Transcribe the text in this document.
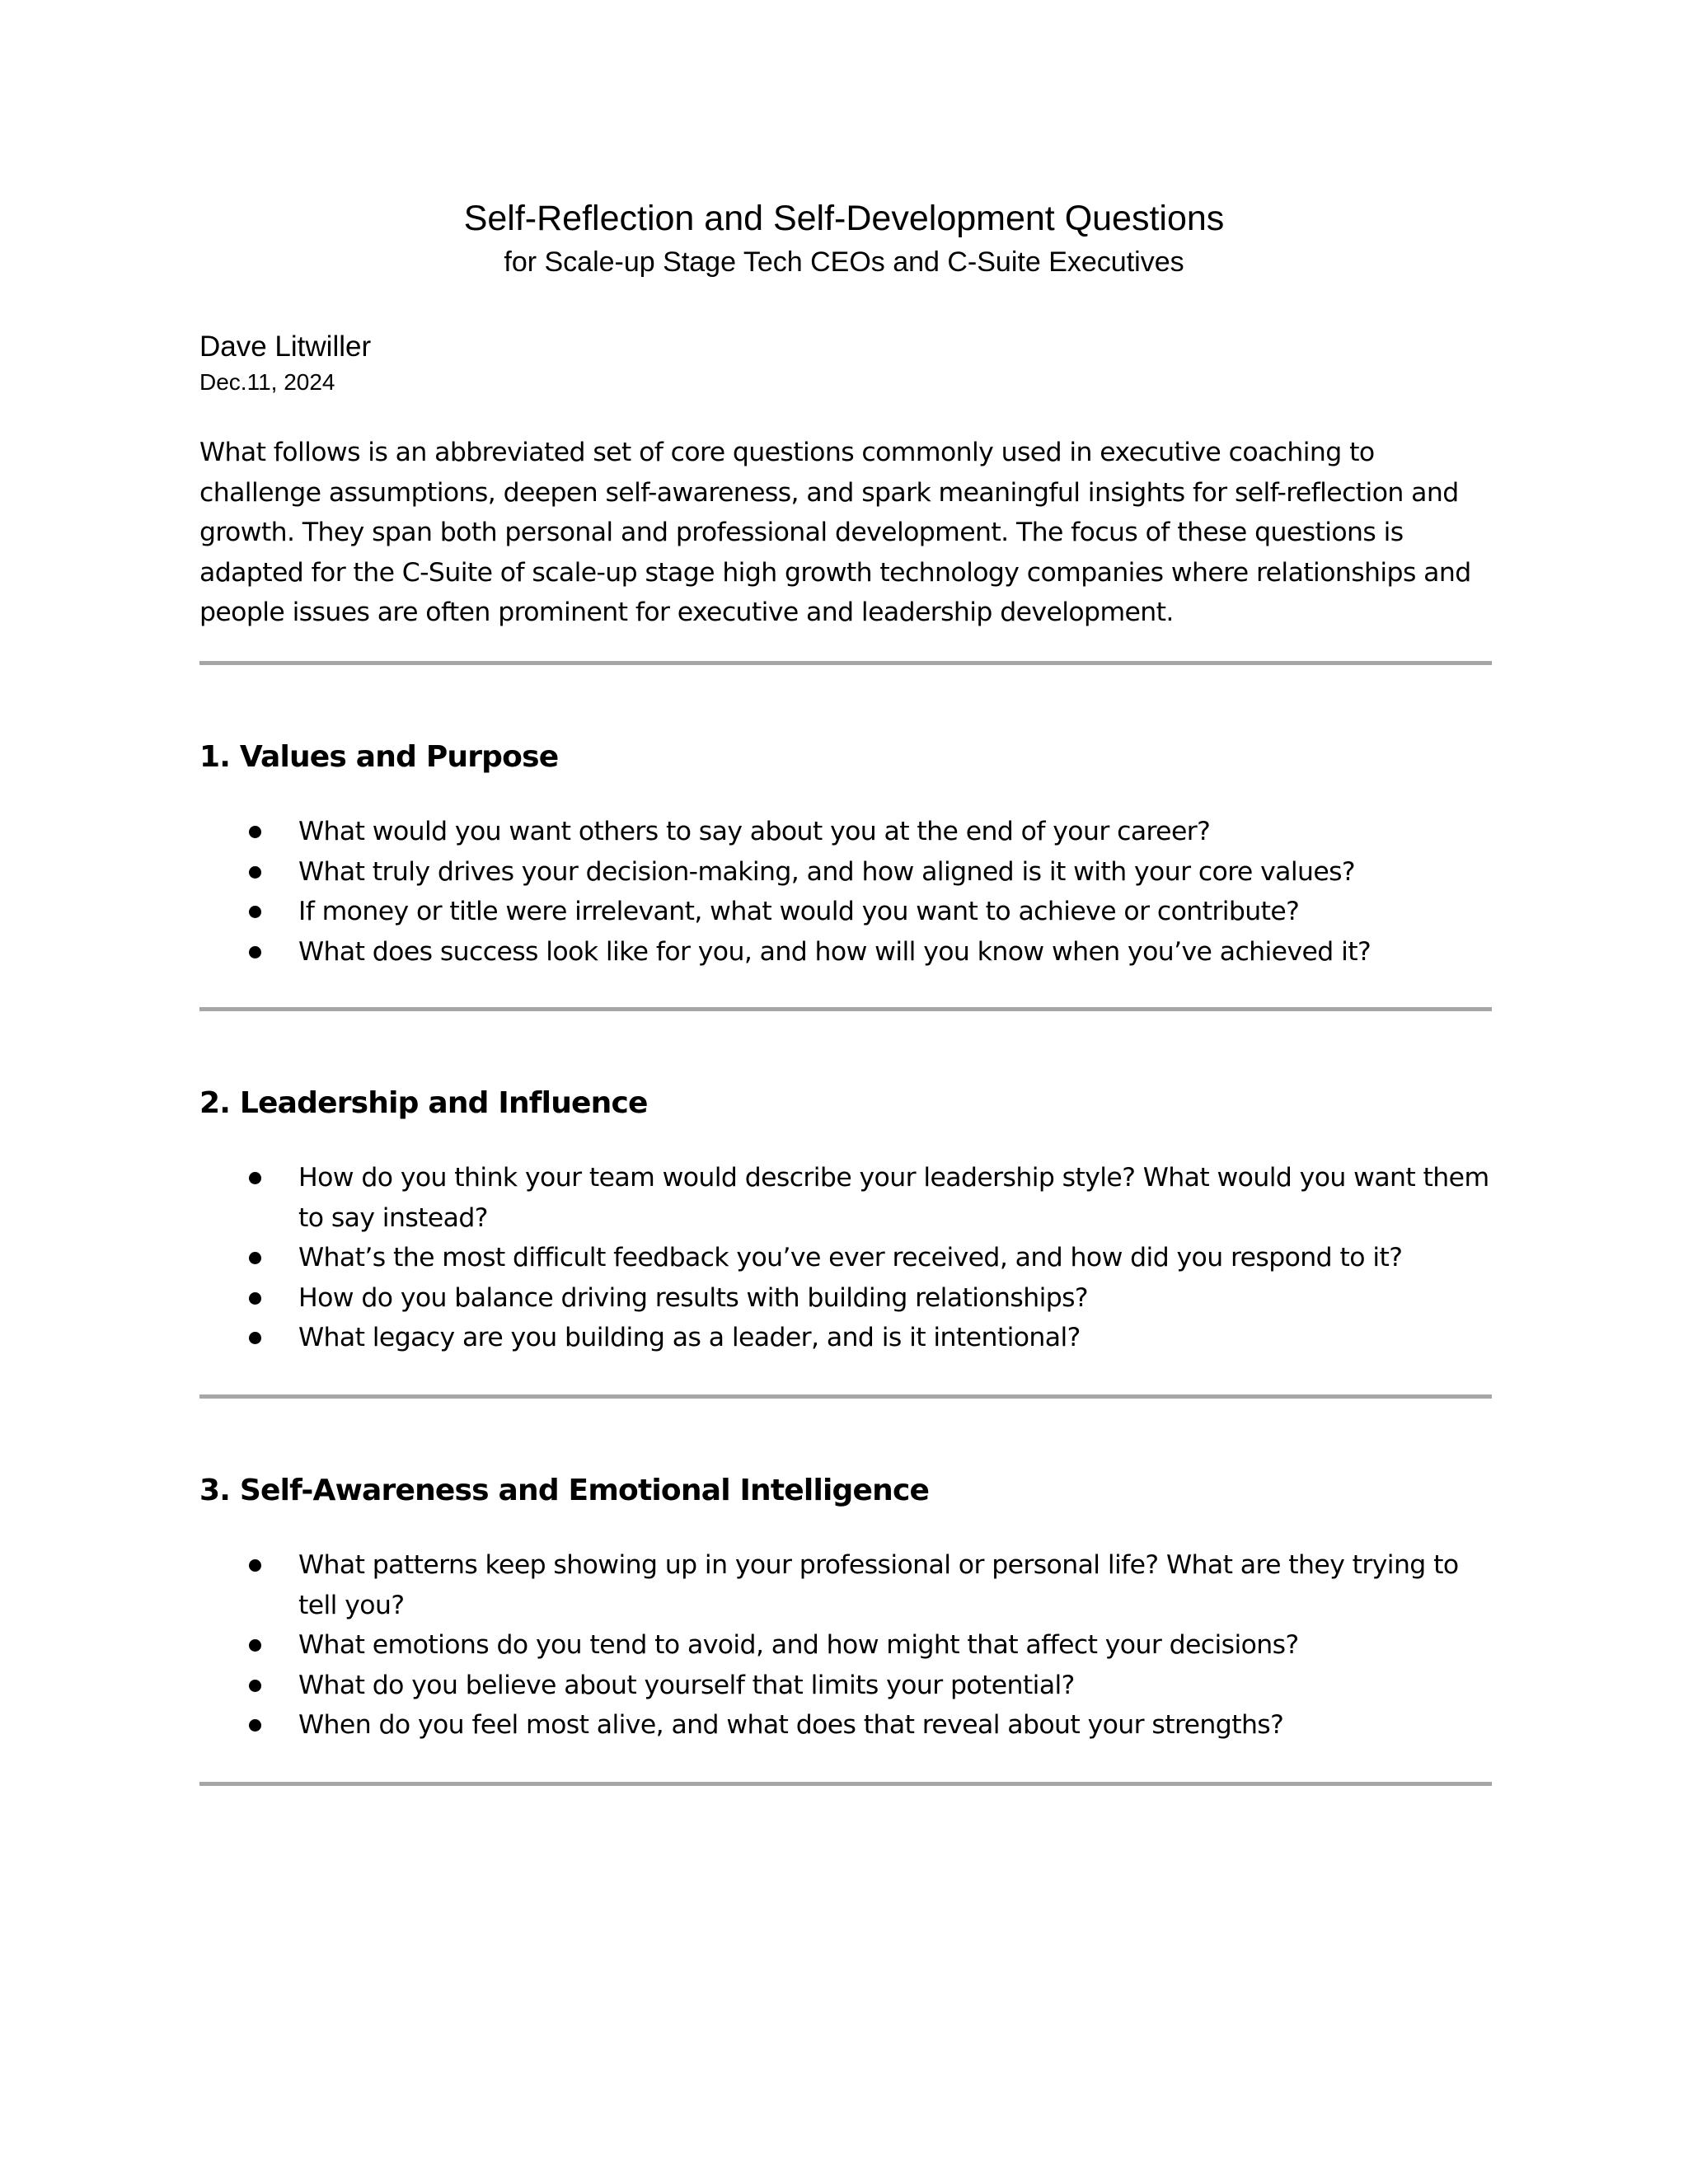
Self-Reflection and Self-Development Questions

for Scale-up Stage Tech CEOs and C-Suite Executives

Dave Litwiller

Dec.11, 2024

What follows is an abbreviated set of core questions commonly used in executive coaching to challenge assumptions, deepen self-awareness, and spark meaningful insights for self-reflection and growth. They span both personal and professional development. The focus of these questions is adapted for the C-Suite of scale-up stage high growth technology companies where relationships and people issues are often prominent for executive and leadership development.

1. Values and Purpose
What would you want others to say about you at the end of your career?
What truly drives your decision-making, and how aligned is it with your core values?
If money or title were irrelevant, what would you want to achieve or contribute?
What does success look like for you, and how will you know when you’ve achieved it?
2. Leadership and Influence
How do you think your team would describe your leadership style? What would you want them to say instead?
What’s the most difficult feedback you’ve ever received, and how did you respond to it?
How do you balance driving results with building relationships?
What legacy are you building as a leader, and is it intentional?
3. Self-Awareness and Emotional Intelligence
What patterns keep showing up in your professional or personal life? What are they trying to tell you?
What emotions do you tend to avoid, and how might that affect your decisions?
What do you believe about yourself that limits your potential?
When do you feel most alive, and what does that reveal about your strengths?
